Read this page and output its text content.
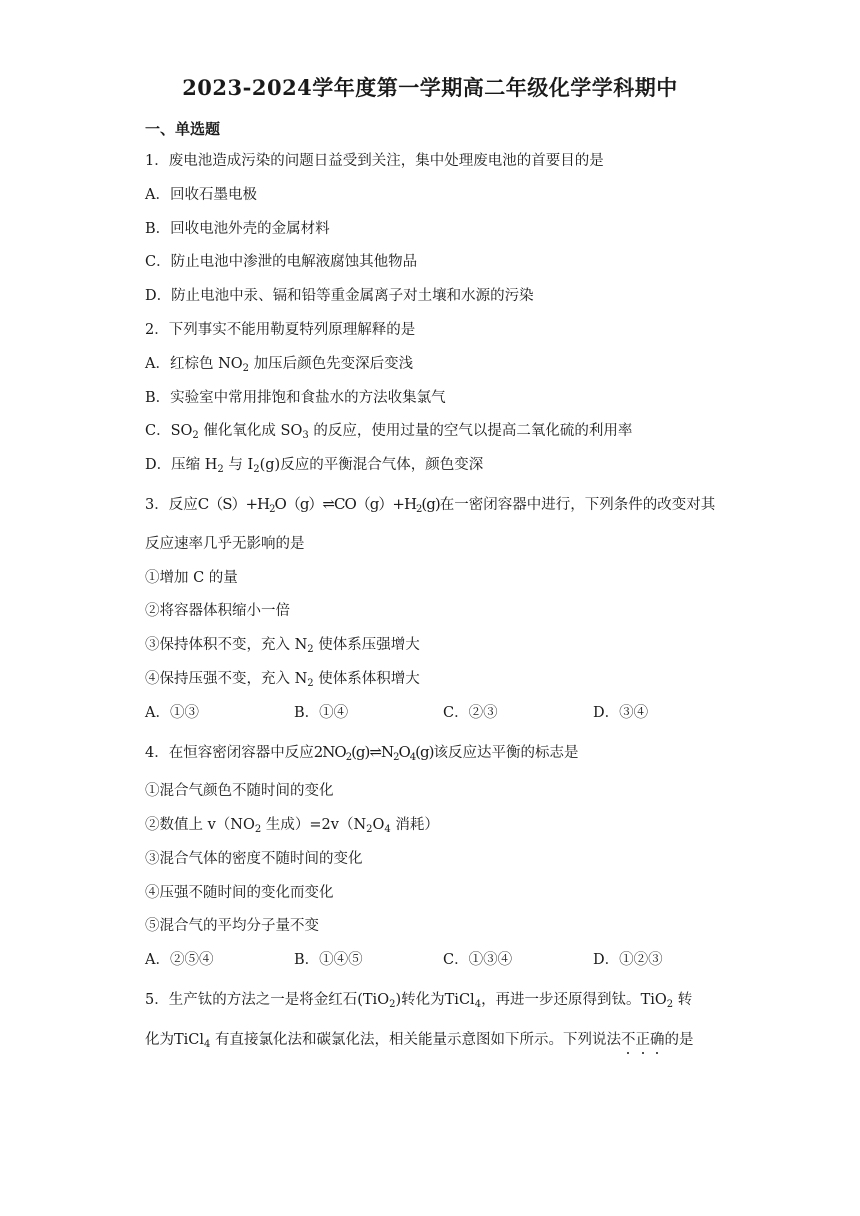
2023-2024学年度第一学期高二年级化学学科期中
一、单选题
1．废电池造成污染的问题日益受到关注，集中处理废电池的首要目的是
A．回收石墨电极
B．回收电池外壳的金属材料
C．防止电池中渗泄的电解液腐蚀其他物品
D．防止电池中汞、镉和铅等重金属离子对土壤和水源的污染
2．下列事实不能用勒夏特列原理解释的是
A．红棕色 $NO_2$ 加压后颜色先变深后变浅
B．实验室中常用排饱和食盐水的方法收集氯气
C．$SO_2$ 催化氧化成 $SO_3$ 的反应，使用过量的空气以提高二氧化硫的利用率
D．压缩 $H_2$ 与 $I_2(g)$反应的平衡混合气体，颜色变深
3．反应$C(S)+H_2O(g)\rightleftharpoons CO(g)+H_2(g)$在一密闭容器中进行，下列条件的改变对其
反应速率几乎无影响的是
①增加 C 的量
②将容器体积缩小一倍
③保持体积不变，充入 $N_2$ 使体系压强增大
④保持压强不变，充入 $N_2$ 使体系体积增大
A．①③	B．①④	C．②③	D．③④
4．在恒容密闭容器中反应$2NO_2(g)\rightleftharpoons N_2O_4(g)$该反应达平衡的标志是
①混合气颜色不随时间的变化
②数值上 $v(NO_2$ 生成）$=2v(N_2O_4$ 消耗）
③混合气体的密度不随时间的变化
④压强不随时间的变化而变化
⑤混合气的平均分子量不变
A．②⑤④	B．①④⑤	C．①③④	D．①②③
5．生产钛的方法之一是将金红石(TiO$_2$)转化为TiCl$_4$，再进一步还原得到钛。TiO$_2$ 转
化为TiCl$_4$ 有直接氯化法和碳氯化法，相关能量示意图如下所示。下列说法不
正
确
的是
